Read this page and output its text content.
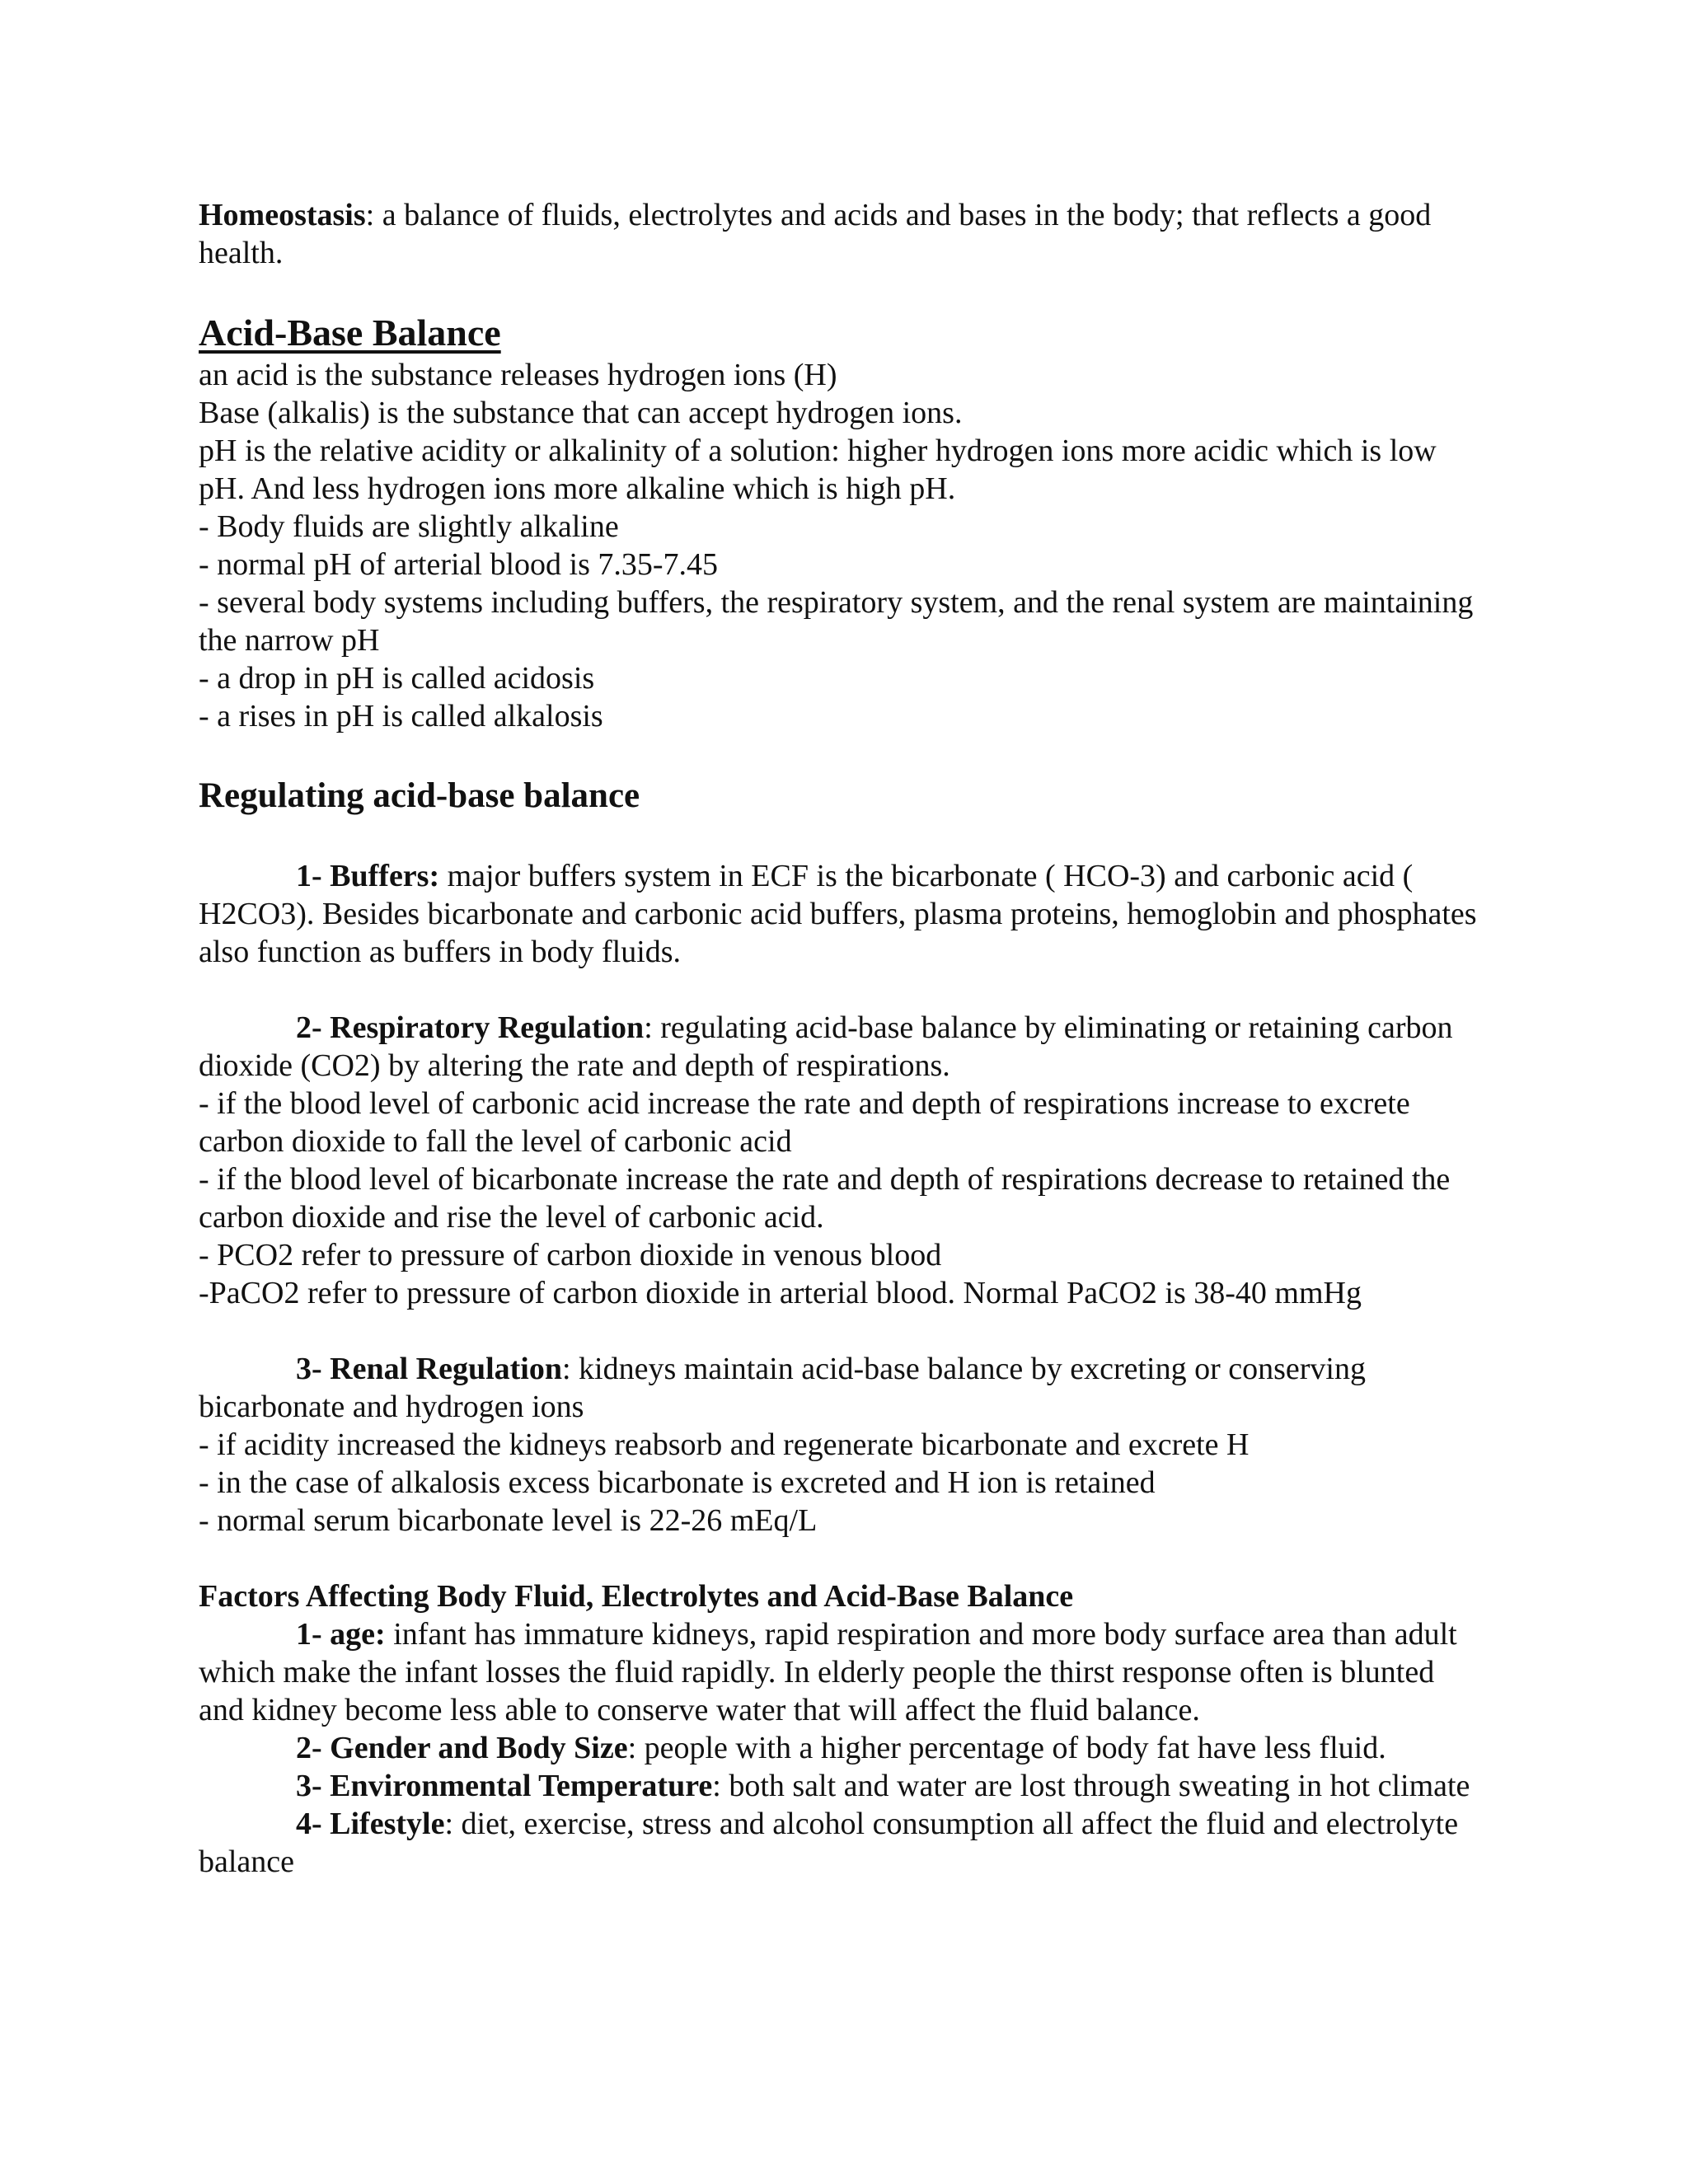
Homeostasis: a balance of fluids, electrolytes and acids and bases in the body; that reflects a good health.

Acid-Base Balance
an acid is the substance releases hydrogen ions (H)
Base (alkalis) is the substance that can accept hydrogen ions.
pH is the relative acidity or alkalinity of a solution: higher hydrogen ions more acidic which is low pH. And less hydrogen ions more alkaline which is high pH.
- Body fluids are slightly alkaline
- normal pH of arterial blood is 7.35-7.45
- several body systems including buffers, the respiratory system, and the renal system are maintaining the narrow pH
- a drop in pH is called acidosis
- a rises in pH is called alkalosis
Regulating acid-base balance

1- Buffers: major buffers system in ECF is the bicarbonate ( HCO-3) and carbonic acid ( H2CO3). Besides bicarbonate and carbonic acid buffers, plasma proteins, hemoglobin and phosphates also function as buffers in body fluids.

2- Respiratory Regulation: regulating acid-base balance by eliminating or retaining carbon dioxide (CO2) by altering the rate and depth of respirations.

- if the blood level of carbonic acid increase the rate and depth of respirations increase to excrete carbon dioxide to fall the level of carbonic acid
- if the blood level of bicarbonate increase the rate and depth of respirations decrease to retained the carbon dioxide and rise the level of carbonic acid.
- PCO2 refer to pressure of carbon dioxide in venous blood
-PaCO2 refer to pressure of carbon dioxide in arterial blood. Normal PaCO2 is 38-40 mmHg

3- Renal Regulation: kidneys maintain acid-base balance by excreting or conserving bicarbonate and hydrogen ions

- if acidity increased the kidneys reabsorb and regenerate bicarbonate and excrete H
- in the case of alkalosis excess bicarbonate is excreted and H ion is retained
- normal serum bicarbonate level is 22-26 mEq/L
Factors Affecting Body Fluid, Electrolytes and Acid-Base Balance

1- age: infant has immature kidneys, rapid respiration and more body surface area than adult which make the infant losses the fluid rapidly. In elderly people the thirst response often is blunted and kidney become less able to conserve water that will affect the fluid balance.

2- Gender and Body Size: people with a higher percentage of body fat have less fluid.

3- Environmental Temperature: both salt and water are lost through sweating in hot climate

4- Lifestyle: diet, exercise, stress and alcohol consumption all affect the fluid and electrolyte balance
